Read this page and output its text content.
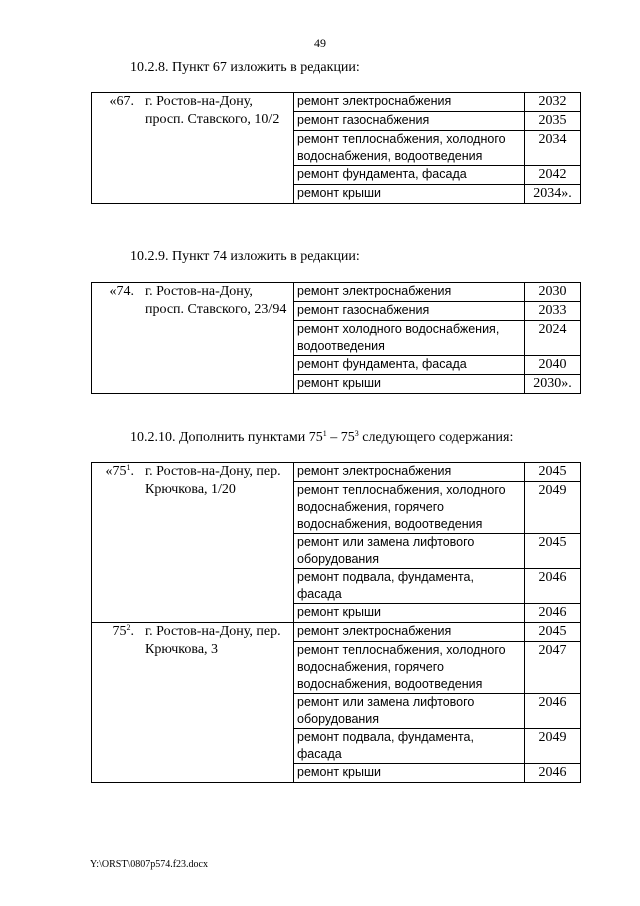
49
10.2.8. Пункт 67 изложить в редакции:
«67.	г. Ростов-на-Дону, просп. Ставского, 10/2	ремонт электроснабжения	2032
		ремонт газоснабжения	2035
		ремонт теплоснабжения, холодного водоснабжения, водоотведения	2034
		ремонт фундамента, фасада	2042
		ремонт крыши	2034».
10.2.9. Пункт 74 изложить в редакции:
«74.	г. Ростов-на-Дону, просп. Ставского, 23/94	ремонт электроснабжения	2030
		ремонт газоснабжения	2033
		ремонт холодного водоснабжения, водоотведения	2024
		ремонт фундамента, фасада	2040
		ремонт крыши	2030».
10.2.10. Дополнить пунктами $75^1 - 75^3$ следующего содержания:
«$75^1$.	г. Ростов-на-Дону, пер. Крючкова, 1/20	ремонт электроснабжения	2045
		ремонт теплоснабжения, холодного водоснабжения, горячего водоснабжения, водоотведения	2049
		ремонт или замена лифтового оборудования	2045
		ремонт подвала, фундамента, фасада	2046
		ремонт крыши	2046
$75^2$.	г. Ростов-на-Дону, пер. Крючкова, 3	ремонт электроснабжения	2045
		ремонт теплоснабжения, холодного водоснабжения, горячего водоснабжения, водоотведения	2047
		ремонт или замена лифтового оборудования	2046
		ремонт подвала, фундамента, фасада	2049
		ремонт крыши	2046
Y:\ORST\0807p574.f23.docx
